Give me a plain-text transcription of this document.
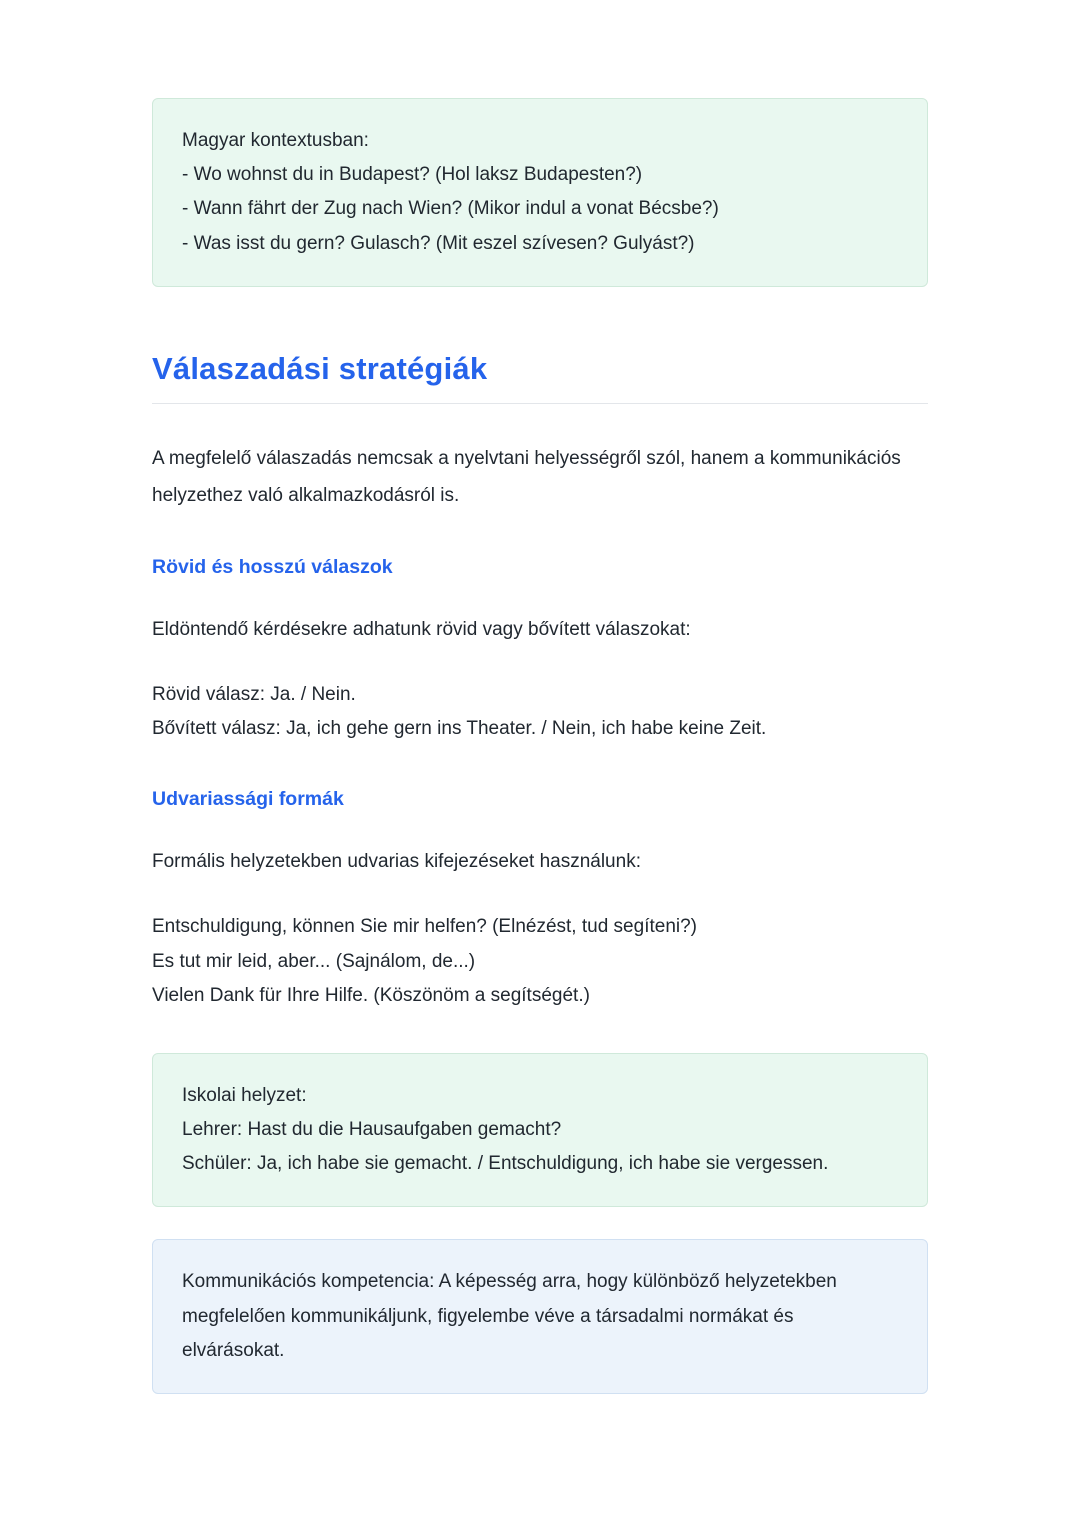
Magyar kontextusban:
- Wo wohnst du in Budapest? (Hol laksz Budapesten?)
- Wann fährt der Zug nach Wien? (Mikor indul a vonat Bécsbe?)
- Was isst du gern? Gulasch? (Mit eszel szívesen? Gulyást?)
Válaszadási stratégiák

A megfelelő válaszadás nemcsak a nyelvtani helyességről szól, hanem a kommunikációs helyzethez való alkalmazkodásról is.

Rövid és hosszú válaszok

Eldöntendő kérdésekre adhatunk rövid vagy bővített válaszokat:

Rövid válasz: Ja. / Nein.
Bővített válasz: Ja, ich gehe gern ins Theater. / Nein, ich habe keine Zeit.
Udvariassági formák

Formális helyzetekben udvarias kifejezéseket használunk:

Entschuldigung, können Sie mir helfen? (Elnézést, tud segíteni?)
Es tut mir leid, aber... (Sajnálom, de...)
Vielen Dank für Ihre Hilfe. (Köszönöm a segítségét.)
Iskolai helyzet:
Lehrer: Hast du die Hausaufgaben gemacht?
Schüler: Ja, ich habe sie gemacht. / Entschuldigung, ich habe sie vergessen.
Kommunikációs kompetencia: A képesség arra, hogy különböző helyzetekben megfelelően kommunikáljunk, figyelembe véve a társadalmi normákat és elvárásokat.
